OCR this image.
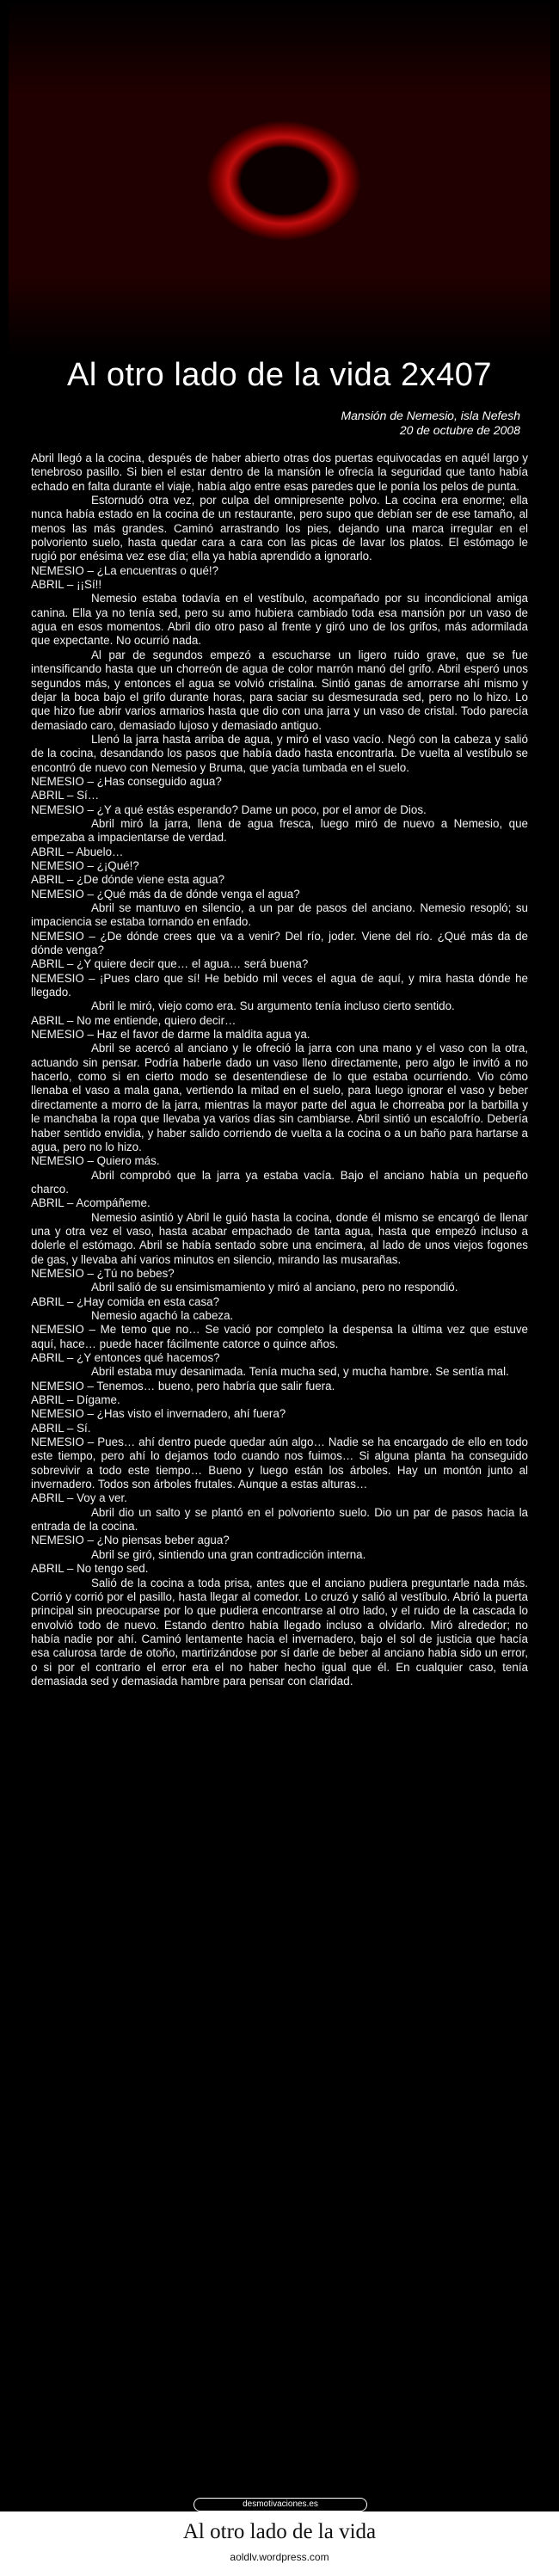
Al otro lado de la vida 2x407
Mansión de Nemesio, isla Nefesh
20 de octubre de 2008

Abril llegó a la cocina, después de haber abierto otras dos puertas equivocadas en aquél largo y tenebroso pasillo. Si bien el estar dentro de la mansión le ofrecía la seguridad que tanto había echado en falta durante el viaje, había algo entre esas paredes que le ponía los pelos de punta.

Estornudó otra vez, por culpa del omnipresente polvo. La cocina era enorme; ella nunca había estado en la cocina de un restaurante, pero supo que debían ser de ese tamaño, al menos las más grandes. Caminó arrastrando los pies, dejando una marca irregular en el polvoriento suelo, hasta quedar cara a cara con las picas de lavar los platos. El estómago le rugió por enésima vez ese día; ella ya había aprendido a ignorarlo.

NEMESIO – ¿La encuentras o qué!?

ABRIL – ¡¡Sí!!

Nemesio estaba todavía en el vestíbulo, acompañado por su incondicional amiga canina. Ella ya no tenía sed, pero su amo hubiera cambiado toda esa mansión por un vaso de agua en esos momentos. Abril dio otro paso al frente y giró uno de los grifos, más adormilada que expectante. No ocurrió nada.

Al par de segundos empezó a escucharse un ligero ruido grave, que se fue intensificando hasta que un chorreón de agua de color marrón manó del grifo. Abril esperó unos segundos más, y entonces el agua se volvió cristalina. Sintió ganas de amorrarse ahí mismo y dejar la boca bajo el grifo durante horas, para saciar su desmesurada sed, pero no lo hizo. Lo que hizo fue abrir varios armarios hasta que dio con una jarra y un vaso de cristal. Todo parecía demasiado caro, demasiado lujoso y demasiado antiguo.

Llenó la jarra hasta arriba de agua, y miró el vaso vacío. Negó con la cabeza y salió de la cocina, desandando los pasos que había dado hasta encontrarla. De vuelta al vestíbulo se encontró de nuevo con Nemesio y Bruma, que yacía tumbada en el suelo.

NEMESIO – ¿Has conseguido agua?

ABRIL – Sí…

NEMESIO – ¿Y a qué estás esperando? Dame un poco, por el amor de Dios.

Abril miró la jarra, llena de agua fresca, luego miró de nuevo a Nemesio, que empezaba a impacientarse de verdad.

ABRIL – Abuelo…

NEMESIO – ¿¡Qué!?

ABRIL – ¿De dónde viene esta agua?

NEMESIO – ¿Qué más da de dónde venga el agua?

Abril se mantuvo en silencio, a un par de pasos del anciano. Nemesio resopló; su impaciencia se estaba tornando en enfado.

NEMESIO – ¿De dónde crees que va a venir? Del río, joder. Viene del río. ¿Qué más da de dónde venga?

ABRIL – ¿Y quiere decir que… el agua… será buena?

NEMESIO – ¡Pues claro que sí! He bebido mil veces el agua de aquí, y mira hasta dónde he llegado.

Abril le miró, viejo como era. Su argumento tenía incluso cierto sentido.

ABRIL – No me entiende, quiero decir…

NEMESIO – Haz el favor de darme la maldita agua ya.

Abril se acercó al anciano y le ofreció la jarra con una mano y el vaso con la otra, actuando sin pensar. Podría haberle dado un vaso lleno directamente, pero algo le invitó a no hacerlo, como si en cierto modo se desentendiese de lo que estaba ocurriendo. Vio cómo llenaba el vaso a mala gana, vertiendo la mitad en el suelo, para luego ignorar el vaso y beber directamente a morro de la jarra, mientras la mayor parte del agua le chorreaba por la barbilla y le manchaba la ropa que llevaba ya varios días sin cambiarse. Abril sintió un escalofrío. Debería haber sentido envidia, y haber salido corriendo de vuelta a la cocina o a un baño para hartarse a agua, pero no lo hizo.

NEMESIO – Quiero más.

Abril comprobó que la jarra ya estaba vacía. Bajo el anciano había un pequeño charco.

ABRIL – Acompáñeme.

Nemesio asintió y Abril le guió hasta la cocina, donde él mismo se encargó de llenar una y otra vez el vaso, hasta acabar empachado de tanta agua, hasta que empezó incluso a dolerle el estómago. Abril se había sentado sobre una encimera, al lado de unos viejos fogones de gas, y llevaba ahí varios minutos en silencio, mirando las musarañas.

NEMESIO – ¿Tú no bebes?

Abril salió de su ensimismamiento y miró al anciano, pero no respondió.

ABRIL – ¿Hay comida en esta casa?

Nemesio agachó la cabeza.

NEMESIO – Me temo que no… Se vació por completo la despensa la última vez que estuve aquí, hace… puede hacer fácilmente catorce o quince años.

ABRIL – ¿Y entonces qué hacemos?

Abril estaba muy desanimada. Tenía mucha sed, y mucha hambre. Se sentía mal.

NEMESIO – Tenemos… bueno, pero habría que salir fuera.

ABRIL – Dígame.

NEMESIO – ¿Has visto el invernadero, ahí fuera?

ABRIL – Sí.

NEMESIO – Pues… ahí dentro puede quedar aún algo… Nadie se ha encargado de ello en todo este tiempo, pero ahí lo dejamos todo cuando nos fuimos… Si alguna planta ha conseguido sobrevivir a todo este tiempo… Bueno y luego están los árboles. Hay un montón junto al invernadero. Todos son árboles frutales. Aunque a estas alturas…

ABRIL – Voy a ver.

Abril dio un salto y se plantó en el polvoriento suelo. Dio un par de pasos hacia la entrada de la cocina.

NEMESIO – ¿No piensas beber agua?

Abril se giró, sintiendo una gran contradicción interna.

ABRIL – No tengo sed.

Salió de la cocina a toda prisa, antes que el anciano pudiera preguntarle nada más. Corrió y corrió por el pasillo, hasta llegar al comedor. Lo cruzó y salió al vestíbulo. Abrió la puerta principal sin preocuparse por lo que pudiera encontrarse al otro lado, y el ruido de la cascada lo envolvió todo de nuevo. Estando dentro había llegado incluso a olvidarlo. Miró alrededor; no había nadie por ahí. Caminó lentamente hacia el invernadero, bajo el sol de justicia que hacía esa calurosa tarde de otoño, martirizándose por sí darle de beber al anciano había sido un error, o si por el contrario el error era el no haber hecho igual que él. En cualquier caso, tenía demasiada sed y demasiada hambre para pensar con claridad.

desmotivaciones.es
Al otro lado de la vida
aoldlv.wordpress.com
